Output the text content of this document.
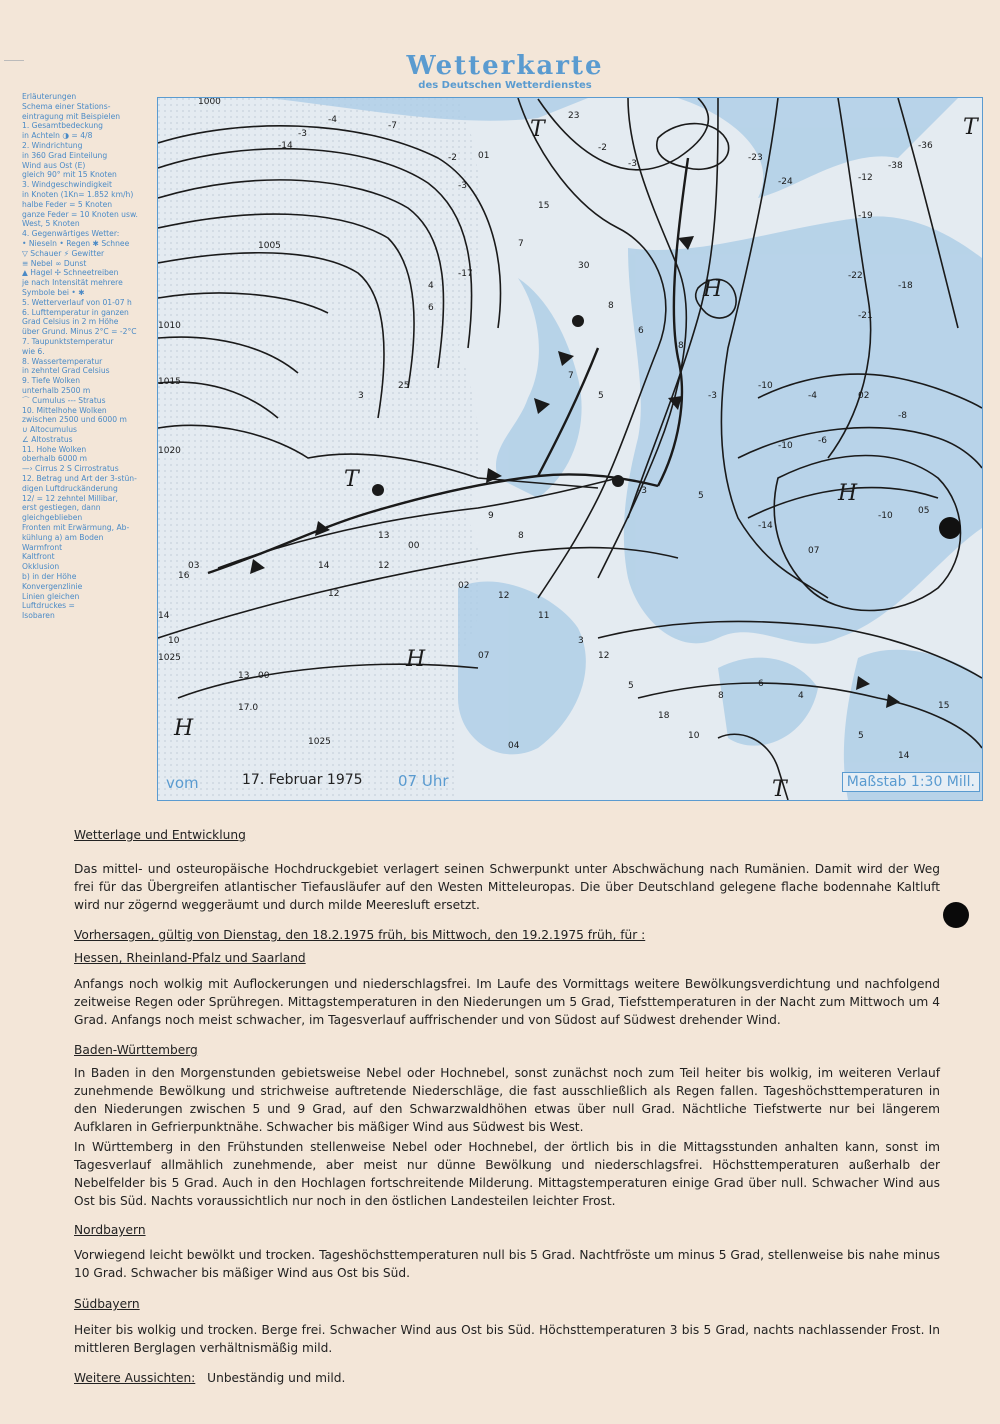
Wetterkarte
des Deutschen Wetterdienstes
Erläuterungen
Schema einer Stations-
eintragung mit Beispielen
1. Gesamtbedeckung
in Achteln ◑ = 4/8
2. Windrichtung
in 360 Grad Einteilung
Wind aus Ost (E)
gleich 90° mit 15 Knoten
3. Windgeschwindigkeit
in Knoten (1Kn= 1.852 km/h)
halbe Feder = 5 Knoten
ganze Feder = 10 Knoten usw.
West, 5 Knoten
4. Gegenwärtiges Wetter:
• Nieseln • Regen ✱ Schnee
▽ Schauer ⚡ Gewitter
≡ Nebel ∞ Dunst
▲ Hagel ✢ Schneetreiben
je nach Intensität mehrere
Symbole bei • ✱
5. Wetterverlauf von 01-07 h
6. Lufttemperatur in ganzen
Grad Celsius in 2 m Höhe
über Grund. Minus 2°C = -2°C
7. Taupunktstemperatur
wie 6.
8. Wassertemperatur
in zehntel Grad Celsius
9. Tiefe Wolken
unterhalb 2500 m
⌒ Cumulus --- Stratus
10. Mittelhohe Wolken
zwischen 2500 und 6000 m
∪ Altocumulus
∠ Altostratus
11. Hohe Wolken
oberhalb 6000 m
—› Cirrus 2 S Cirrostratus
12. Betrag und Art der 3-stün-
digen Luftdruckänderung
12/ = 12 zehntel Millibar,
erst gestiegen, dann
gleichgeblieben
Fronten mit Erwärmung, Ab-
kühlung a) am Boden
Warmfront
Kaltfront
Okklusion
b) in der Höhe
Konvergenzlinie
Linien gleichen
Luftdruckes =
Isobaren
-14
-3
-4
-2 01
-3
23
-2
-3
-23
-24	-12
-38
-36
-19
-22
-18
-21
4
-17
30
8
7
5
6
8
-3
-10
-4	02
-8
-10	-6
-10	05
-14
07
5
-3
9
8
12
11
3
12
5
18
10
8
6
4
5
14
15
13
00
12
14
12
16
03
14
10
13 00
17.0
02
07
04
3
25
6
15
7
-7
1005
1010
1015
1020
1025
1025
1000
H
H
H
H
T
T
T
T
vom	17. Februar 1975 07 Uhr	Maßstab 1:30 Mill.
Wetterlage und Entwicklung
Das mittel- und osteuropäische Hochdruckgebiet verlagert seinen Schwerpunkt unter Abschwächung nach Rumänien. Damit wird der Weg frei für das Übergreifen atlantischer Tiefausläufer auf den Westen Mitteleuropas. Die über Deutschland gelegene flache bodennahe Kaltluft wird nur zögernd weggeräumt und durch milde Meeresluft ersetzt.
Vorhersagen, gültig von Dienstag, den 18.2.1975 früh, bis Mittwoch, den 19.2.1975 früh, für :
Hessen, Rheinland-Pfalz und Saarland
Anfangs noch wolkig mit Auflockerungen und niederschlagsfrei. Im Laufe des Vormittags weitere Bewölkungsverdichtung und nachfolgend zeitweise Regen oder Sprühregen. Mittagstemperaturen in den Niederungen um 5 Grad, Tiefsttemperaturen in der Nacht zum Mittwoch um 4 Grad. Anfangs noch meist schwacher, im Tagesverlauf auffrischender und von Südost auf Südwest drehender Wind.
Baden-Württemberg
In Baden in den Morgenstunden gebietsweise Nebel oder Hochnebel, sonst zunächst noch zum Teil heiter bis wolkig, im weiteren Verlauf zunehmende Bewölkung und strichweise auftretende Niederschläge, die fast ausschließlich als Regen fallen. Tageshöchsttemperaturen in den Niederungen zwischen 5 und 9 Grad, auf den Schwarzwaldhöhen etwas über null Grad. Nächtliche Tiefstwerte nur bei längerem Aufklaren in Gefrierpunktnähe. Schwacher bis mäßiger Wind aus Südwest bis West.
In Württemberg in den Frühstunden stellenweise Nebel oder Hochnebel, der örtlich bis in die Mittagsstunden anhalten kann, sonst im Tagesverlauf allmählich zunehmende, aber meist nur dünne Bewölkung und niederschlagsfrei. Höchsttemperaturen außerhalb der Nebelfelder bis 5 Grad. Auch in den Hochlagen fortschreitende Milderung. Mittagstemperaturen einige Grad über null. Schwacher Wind aus Ost bis Süd. Nachts voraussichtlich nur noch in den östlichen Landesteilen leichter Frost.
Nordbayern
Vorwiegend leicht bewölkt und trocken. Tageshöchsttemperaturen null bis 5 Grad. Nachtfröste um minus 5 Grad, stellenweise bis nahe minus 10 Grad. Schwacher bis mäßiger Wind aus Ost bis Süd.
Südbayern
Heiter bis wolkig und trocken. Berge frei. Schwacher Wind aus Ost bis Süd. Höchsttemperaturen 3 bis 5 Grad, nachts nachlassender Frost. In mittleren Berglagen verhältnismäßig mild.
Weitere Aussichten: Unbeständig und mild.
